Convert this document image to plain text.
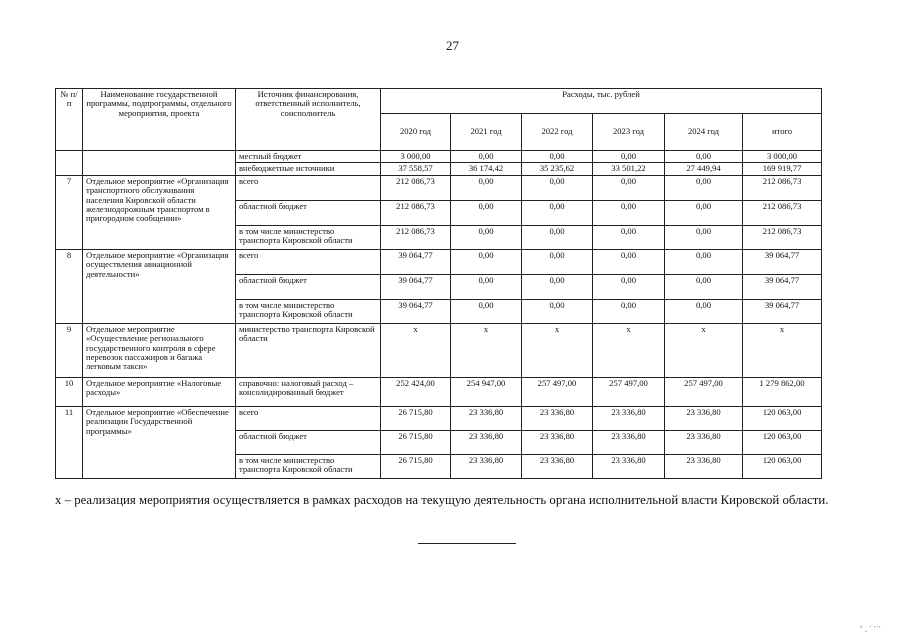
27
№ п/п	Наименование государственной программы, подпрограммы, отдельного мероприятия, проекта	Источник финансирования, ответственный исполнитель, соисполнитель	Расходы, тыс. рублей					
			2020 год	2021 год	2022 год	2023 год	2024 год	итого
		местный бюджет	3 000,00	0,00	0,00	0,00	0,00	3 000,00
		внебюджетные источники	37 558,57	36 174,42	35 235,62	33 501,22	27 449,94	169 919,77
7	Отдельное мероприятие «Организация транспортного обслуживания населения Кировской области железнодорожным транспортом в пригородном сообщении»	всего	212 086,73	0,00	0,00	0,00	0,00	212 086,73
		областной бюджет	212 086,73	0,00	0,00	0,00	0,00	212 086,73
		в том числе министерство транспорта Кировской области	212 086,73	0,00	0,00	0,00	0,00	212 086,73
8	Отдельное мероприятие «Организация осуществления авиационной деятельности»	всего	39 064,77	0,00	0,00	0,00	0,00	39 064,77
		областной бюджет	39 064,77	0,00	0,00	0,00	0,00	39 064,77
		в том числе министерство транспорта Кировской области	39 064,77	0,00	0,00	0,00	0,00	39 064,77
9	Отдельное мероприятие «Осуществление регионального государственного контроля в сфере перевозок пассажиров и багажа легковым такси»	министерство транспорта Кировской области	x	x	x	x	x	x
10	Отдельное мероприятие «Налоговые расходы»	справочно: налоговый расход – консолидированный бюджет	252 424,00	254 947,00	257 497,00	257 497,00	257 497,00	1 279 862,00
11	Отдельное мероприятие «Обеспечение реализации Государственной программы»	всего	26 715,80	23 336,80	23 336,80	23 336,80	23 336,80	120 063,00
		областной бюджет	26 715,80	23 336,80	23 336,80	23 336,80	23 336,80	120 063,00
		в том числе министерство транспорта Кировской области	26 715,80	23 336,80	23 336,80	23 336,80	23 336,80	120 063,00
x – реализация мероприятия осуществляется в рамках расходов на текущую деятельность органа исполнительной власти Кировской области.
ᶜ ˏ ˑ ·ˑ·
